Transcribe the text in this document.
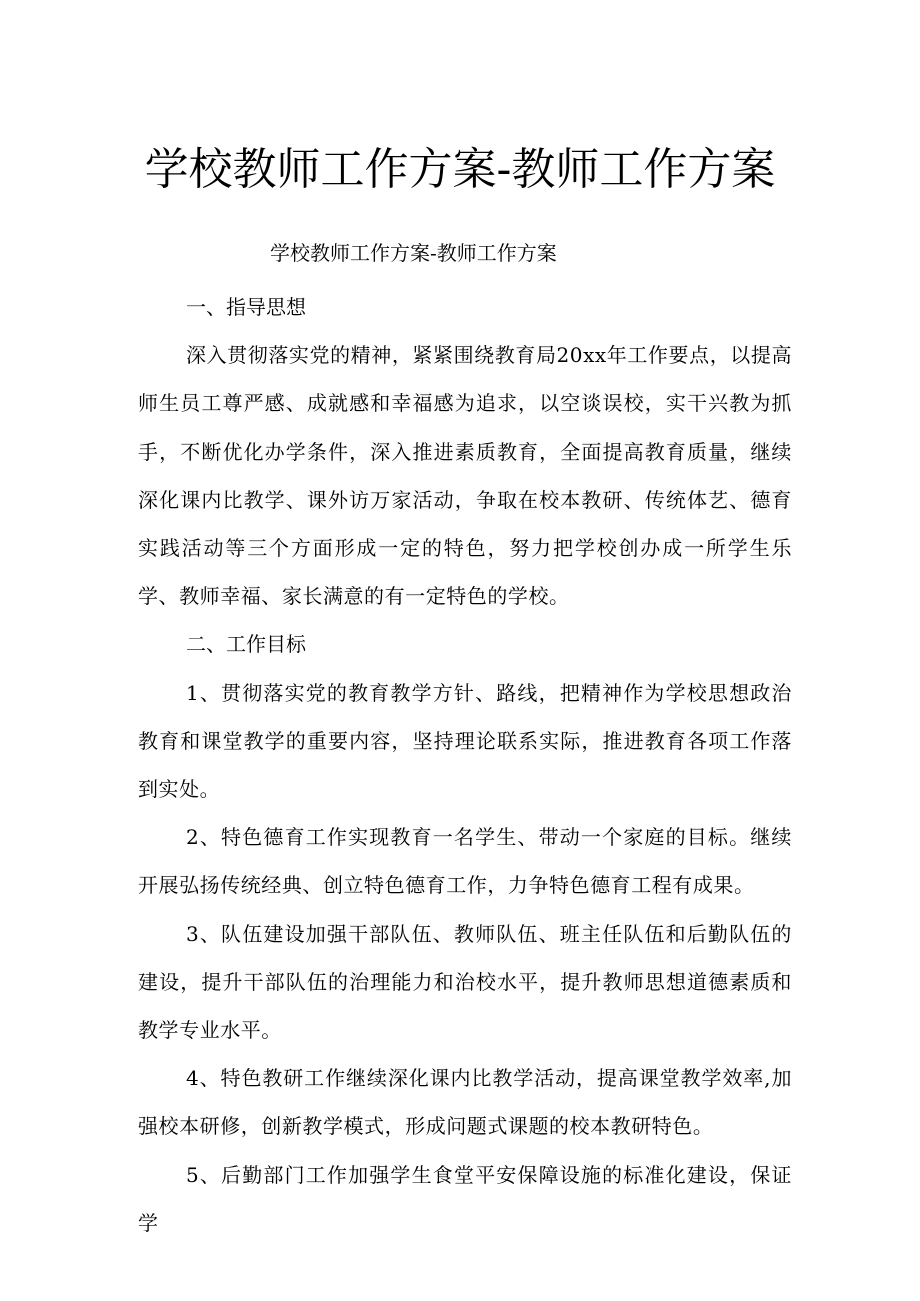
学校教师工作方案-教师工作方案

学校教师工作方案-教师工作方案

一、指导思想

深入贯彻落实党的精神，紧紧围绕教育局20xx年工作要点，以提高师生员工尊严感、成就感和幸福感为追求，以空谈误校，实干兴教为抓手，不断优化办学条件，深入推进素质教育，全面提高教育质量，继续深化课内比教学、课外访万家活动，争取在校本教研、传统体艺、德育实践活动等三个方面形成一定的特色，努力把学校创办成一所学生乐学、教师幸福、家长满意的有一定特色的学校。

二、工作目标

1、贯彻落实党的教育教学方针、路线，把精神作为学校思想政治教育和课堂教学的重要内容，坚持理论联系实际，推进教育各项工作落到实处。

2、特色德育工作实现教育一名学生、带动一个家庭的目标。继续开展弘扬传统经典、创立特色德育工作，力争特色德育工程有成果。

3、队伍建设加强干部队伍、教师队伍、班主任队伍和后勤队伍的建设，提升干部队伍的治理能力和治校水平，提升教师思想道德素质和教学专业水平。

4、特色教研工作继续深化课内比教学活动，提高课堂教学效率,加强校本研修，创新教学模式，形成问题式课题的校本教研特色。

5、后勤部门工作加强学生食堂平安保障设施的标准化建设，保证学
